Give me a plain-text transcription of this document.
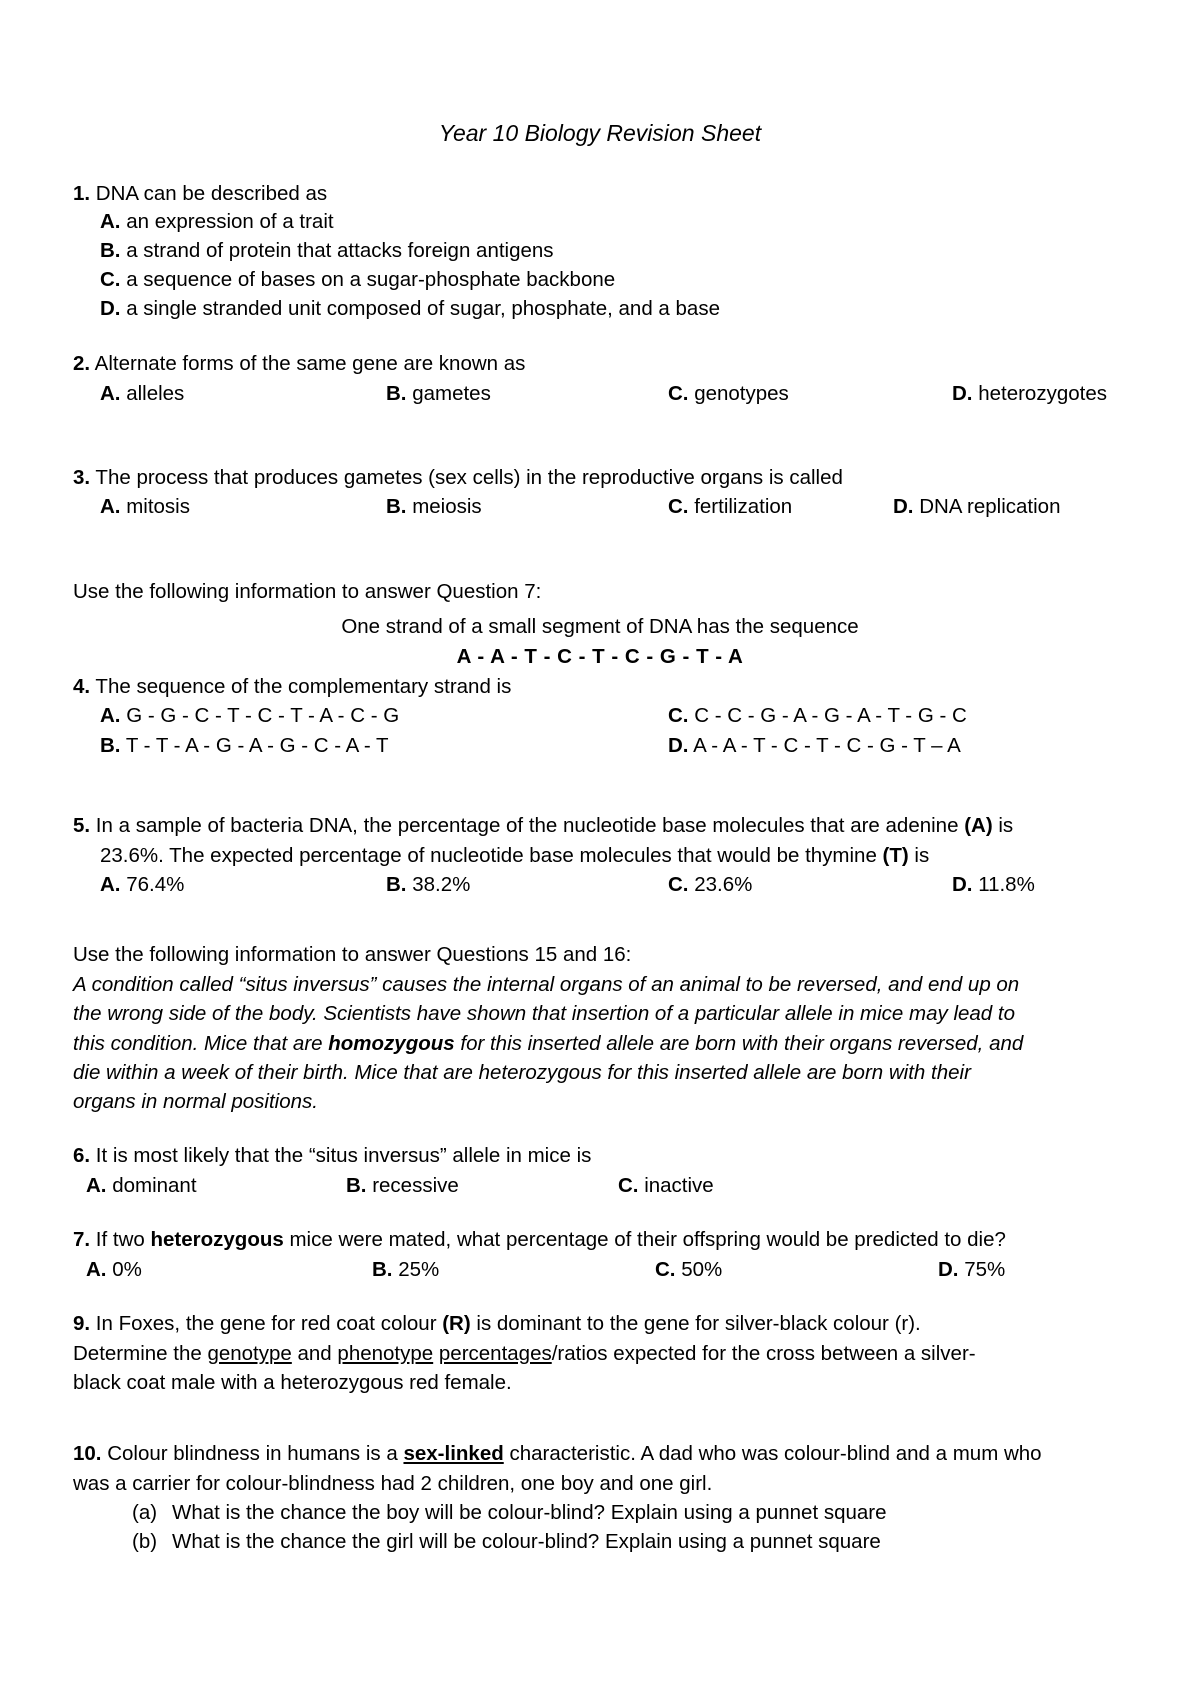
Year 10 Biology Revision Sheet
1. DNA can be described as
A. an expression of a trait
B. a strand of protein that attacks foreign antigens
C. a sequence of bases on a sugar-phosphate backbone
D. a single stranded unit composed of sugar, phosphate, and a base
2. Alternate forms of the same gene are known as
A. alleles	B. gametes	C. genotypes	D. heterozygotes
3. The process that produces gametes (sex cells) in the reproductive organs is called
A. mitosis	B. meiosis	C. fertilization	D. DNA replication
Use the following information to answer Question 7:
One strand of a small segment of DNA has the sequence
A - A - T - C - T - C - G - T - A
4. The sequence of the complementary strand is
A. G - G - C - T - C - T - A - C - G
B. T - T - A - G - A - G - C - A - T
C. C - C - G - A - G - A - T - G - C
D. A - A - T - C - T - C - G - T – A
5. In a sample of bacteria DNA, the percentage of the nucleotide base molecules that are adenine (A) is
23.6%. The expected percentage of nucleotide base molecules that would be thymine (T) is
A. 76.4%	B. 38.2%	C. 23.6%	D. 11.8%
Use the following information to answer Questions 15 and 16:
A condition called “situs inversus” causes the internal organs of an animal to be reversed, and end up on
the wrong side of the body. Scientists have shown that insertion of a particular allele in mice may lead to
this condition. Mice that are homozygous for this inserted allele are born with their organs reversed, and
die within a week of their birth. Mice that are heterozygous for this inserted allele are born with their
organs in normal positions.
6. It is most likely that the “situs inversus” allele in mice is
A. dominant	B. recessive	C. inactive
7. If two heterozygous mice were mated, what percentage of their offspring would be predicted to die?
A. 0%	B. 25%	C. 50%	D. 75%
9. In Foxes, the gene for red coat colour (R) is dominant to the gene for silver-black colour (r).
Determine the genotype and phenotype percentages/ratios expected for the cross between a silver-
black coat male with a heterozygous red female.
10. Colour blindness in humans is a sex-linked characteristic. A dad who was colour-blind and a mum who
was a carrier for colour-blindness had 2 children, one boy and one girl.
(a) What is the chance the boy will be colour-blind? Explain using a punnet square
(b) What is the chance the girl will be colour-blind? Explain using a punnet square
